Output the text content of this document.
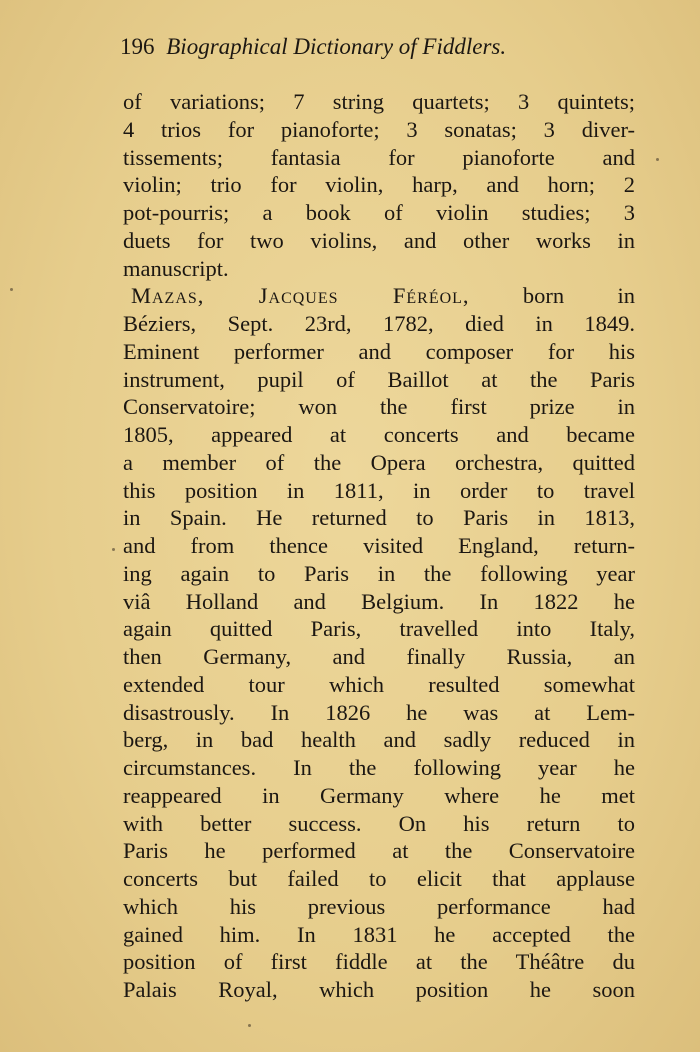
196 Biographical Dictionary of Fiddlers.
of variations; 7 string quartets; 3 quintets;
4 trios for pianoforte; 3 sonatas; 3 diver-
tissements; fantasia for pianoforte and
violin; trio for violin, harp, and horn; 2
pot-pourris; a book of violin studies; 3
duets for two violins, and other works in
manuscript.
Mazas, Jacques Féréol, born in
Béziers, Sept. 23rd, 1782, died in 1849.
Eminent performer and composer for his
instrument, pupil of Baillot at the Paris
Conservatoire; won the first prize in
1805, appeared at concerts and became
a member of the Opera orchestra, quitted
this position in 1811, in order to travel
in Spain. He returned to Paris in 1813,
and from thence visited England, return-
ing again to Paris in the following year
viâ Holland and Belgium. In 1822 he
again quitted Paris, travelled into Italy,
then Germany, and finally Russia, an
extended tour which resulted somewhat
disastrously. In 1826 he was at Lem-
berg, in bad health and sadly reduced in
circumstances. In the following year he
reappeared in Germany where he met
with better success. On his return to
Paris he performed at the Conservatoire
concerts but failed to elicit that applause
which his previous performance had
gained him. In 1831 he accepted the
position of first fiddle at the Théâtre du
Palais Royal, which position he soon
